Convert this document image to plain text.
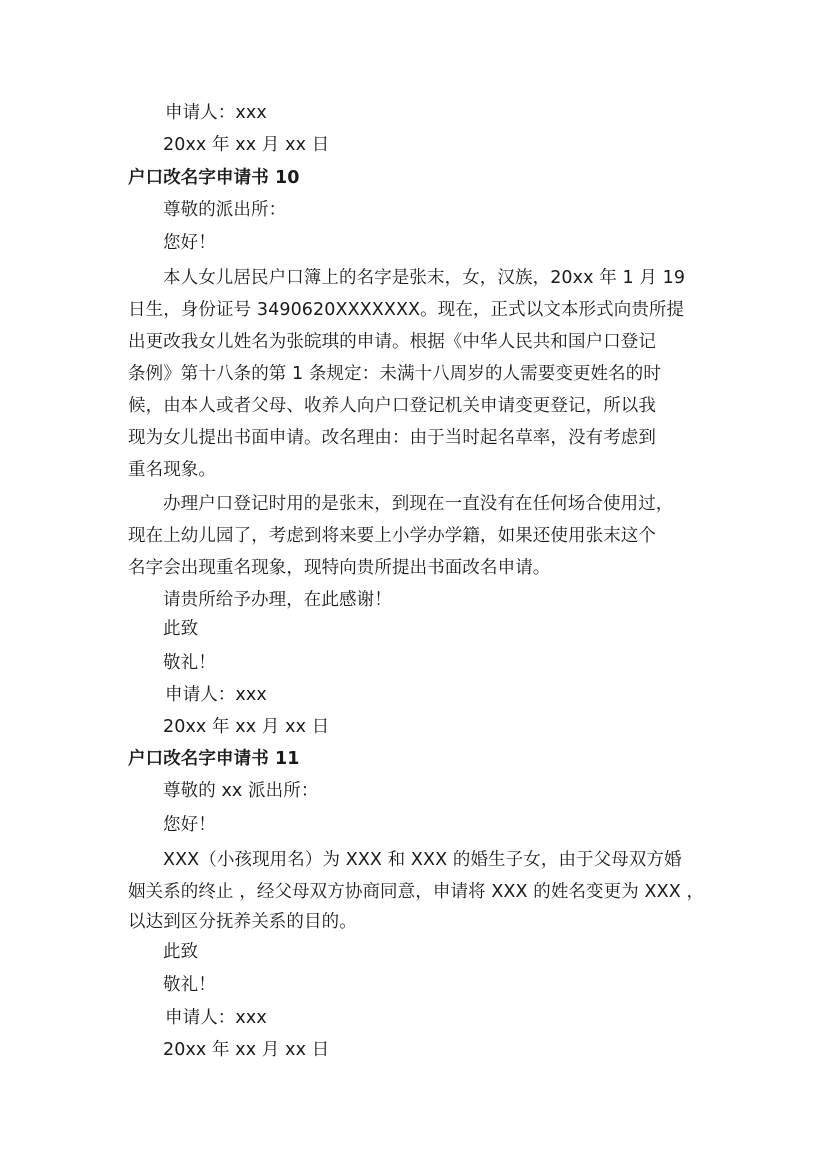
申请人：xxx

20xx 年 xx 月 xx 日

户口改名字申请书 10

尊敬的派出所：

您好！

本人女儿居民户口簿上的名字是张末，女，汉族，20xx 年 1 月 19

日生，身份证号 3490620XXXXXXX。现在，正式以文本形式向贵所提

出更改我女儿姓名为张皖琪的申请。根据《中华人民共和国户口登记

条例》第十八条的第 1 条规定：未满十八周岁的人需要变更姓名的时

候，由本人或者父母、收养人向户口登记机关申请变更登记，所以我

现为女儿提出书面申请。改名理由：由于当时起名草率，没有考虑到

重名现象。

办理户口登记时用的是张末，到现在一直没有在任何场合使用过，

现在上幼儿园了，考虑到将来要上小学办学籍，如果还使用张末这个

名字会出现重名现象，现特向贵所提出书面改名申请。

请贵所给予办理，在此感谢！

此致

敬礼！

申请人：xxx

20xx 年 xx 月 xx 日

户口改名字申请书 11

尊敬的 xx 派出所：

您好！

XXX（小孩现用名）为 XXX 和 XXX 的婚生子女，由于父母双方婚

姻关系的终止 ，经父母双方协商同意，申请将 XXX 的姓名变更为 XXX ，

以达到区分抚养关系的目的。

此致

敬礼！

申请人：xxx

20xx 年 xx 月 xx 日
